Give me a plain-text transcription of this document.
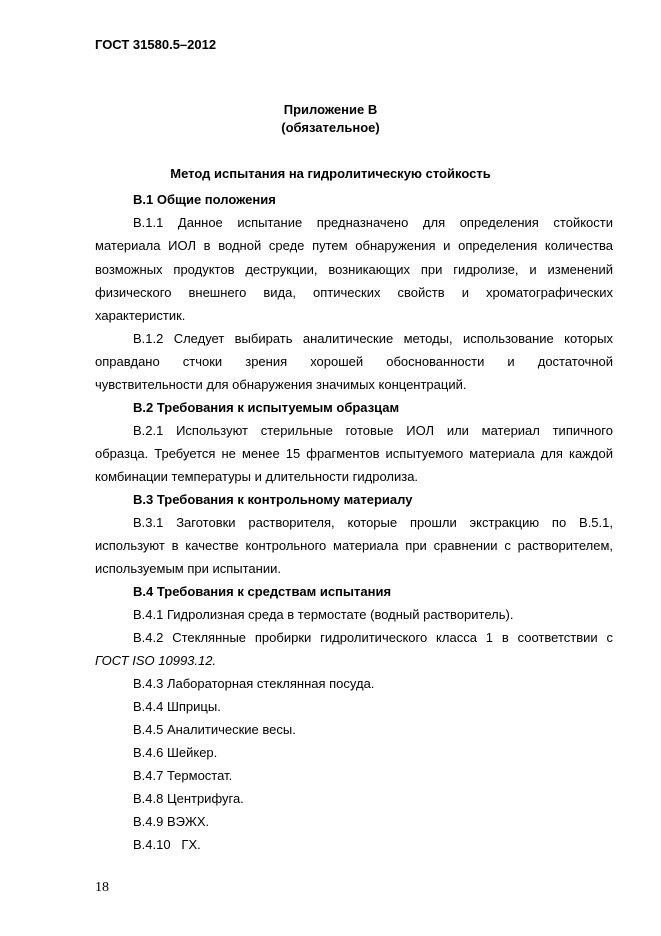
ГОСТ 31580.5–2012
Приложение В
(обязательное)
Метод испытания на гидролитическую стойкость
В.1 Общие положения
В.1.1 Данное испытание предназначено для определения стойкости
материала ИОЛ в водной среде путем обнаружения и определения количества
возможных продуктов деструкции, возникающих при гидролизе, и изменений
физического внешнего вида, оптических свойств и хроматографических
характеристик.
В.1.2 Следует выбирать аналитические методы, использование которых
оправдано стчоки зрения хорошей обоснованности и достаточной
чувствительности для обнаружения значимых концентраций.
В.2 Требования к испытуемым образцам
В.2.1 Используют стерильные готовые ИОЛ или материал типичного
образца. Требуется не менее 15 фрагментов испытуемого материала для каждой
комбинации температуры и длительности гидролиза.
В.3 Требования к контрольному материалу
В.3.1 Заготовки растворителя, которые прошли экстракцию по В.5.1,
используют в качестве контрольного материала при сравнении с растворителем,
используемым при испытании.
В.4 Требования к средствам испытания
В.4.1 Гидролизная среда в термостате (водный растворитель).
В.4.2 Стеклянные пробирки гидролитического класса 1 в соответствии с
ГОСТ ISO 10993.12.
В.4.3 Лабораторная стеклянная посуда.
В.4.4 Шприцы.
В.4.5 Аналитические весы.
В.4.6 Шейкер.
В.4.7 Термостат.
В.4.8 Центрифуга.
В.4.9 ВЭЖХ.
В.4.10   ГХ.
18
